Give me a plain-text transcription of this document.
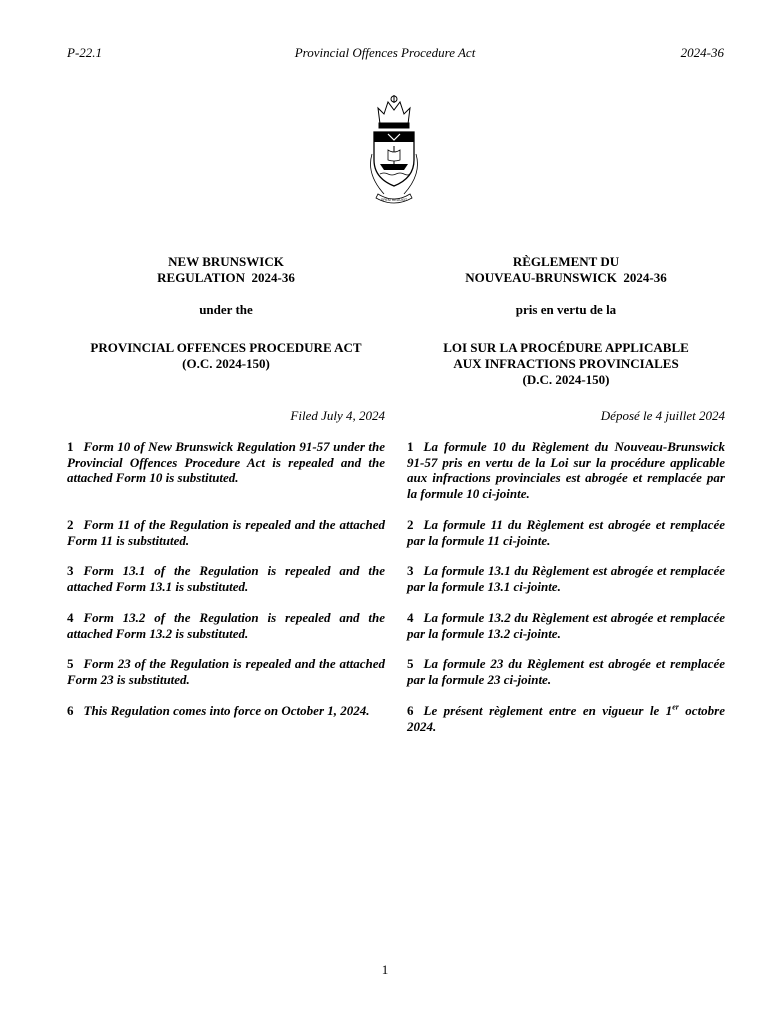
P-22.1	Provincial Offences Procedure Act	2024-36
SPEM REDUXIT
NEW BRUNSWICK
REGULATION  2024-36
under the
PROVINCIAL OFFENCES PROCEDURE ACT
(O.C. 2024-150)
Filed July 4, 2024
RÈGLEMENT DU
NOUVEAU-BRUNSWICK  2024-36
pris en vertu de la
LOI SUR LA PROCÉDURE APPLICABLE
AUX INFRACTIONS PROVINCIALES
(D.C. 2024-150)
Déposé le 4 juillet 2024
1 Form 10 of New Brunswick Regulation 91-57 under the Provincial Offences Procedure Act is repealed and the attached Form 10 is substituted.
2 Form 11 of the Regulation is repealed and the attached Form 11 is substituted.
3 Form 13.1 of the Regulation is repealed and the attached Form 13.1 is substituted.
4 Form 13.2 of the Regulation is repealed and the attached Form 13.2 is substituted.
5 Form 23 of the Regulation is repealed and the attached Form 23 is substituted.
6 This Regulation comes into force on October 1, 2024.
1 La formule 10 du Règlement du Nouveau-Brunswick 91-57 pris en vertu de la Loi sur la procédure applicable aux infractions provinciales est abrogée et remplacée par la formule 10 ci-jointe.
2 La formule 11 du Règlement est abrogée et remplacée par la formule 11 ci-jointe.
3 La formule 13.1 du Règlement est abrogée et remplacée par la formule 13.1 ci-jointe.
4 La formule 13.2 du Règlement est abrogée et remplacée par la formule 13.2 ci-jointe.
5 La formule 23 du Règlement est abrogée et remplacée par la formule 23 ci-jointe.
6 Le présent règlement entre en vigueur le 1er octobre 2024.
1
